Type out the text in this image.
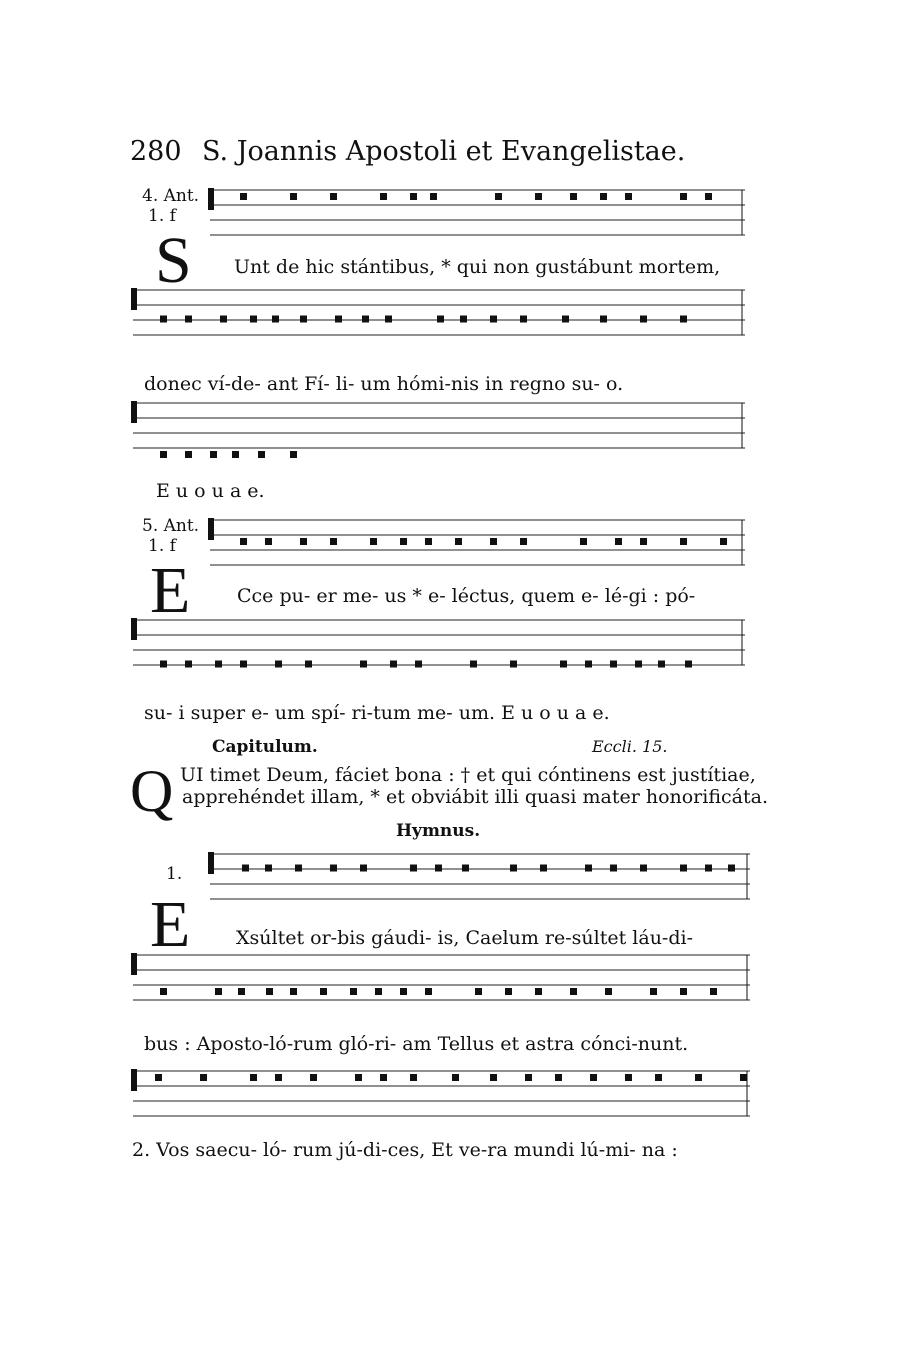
280 S. Joannis Apostoli et Evangelistae.
4. Ant.
1. f
S Unt de hic stántibus, * qui non gustábunt mortem,
donec ví-de- ant Fí- li- um hómi-nis in regno su- o.
E u o u a e.
5. Ant.
1. f
E Cce pu- er me- us * e- léctus, quem e- lé-gi : pó-
su- i super e- um spí- ri-tum me- um. E u o u a e.
Capitulum.	Eccli. 15.
Q UI timet Deum, fáciet bona : † et qui cóntinens est justítiae,
apprehéndet illam, * et obviábit illi quasi mater honorificáta.
Hymnus.
1.
E Xsúltet or-bis gáudi- is, Caelum re-súltet láu-di-
bus : Aposto-ló-rum gló-ri- am Tellus et astra cónci-nunt.
2. Vos saecu- ló- rum jú-di-ces, Et ve-ra mundi lú-mi- na :
